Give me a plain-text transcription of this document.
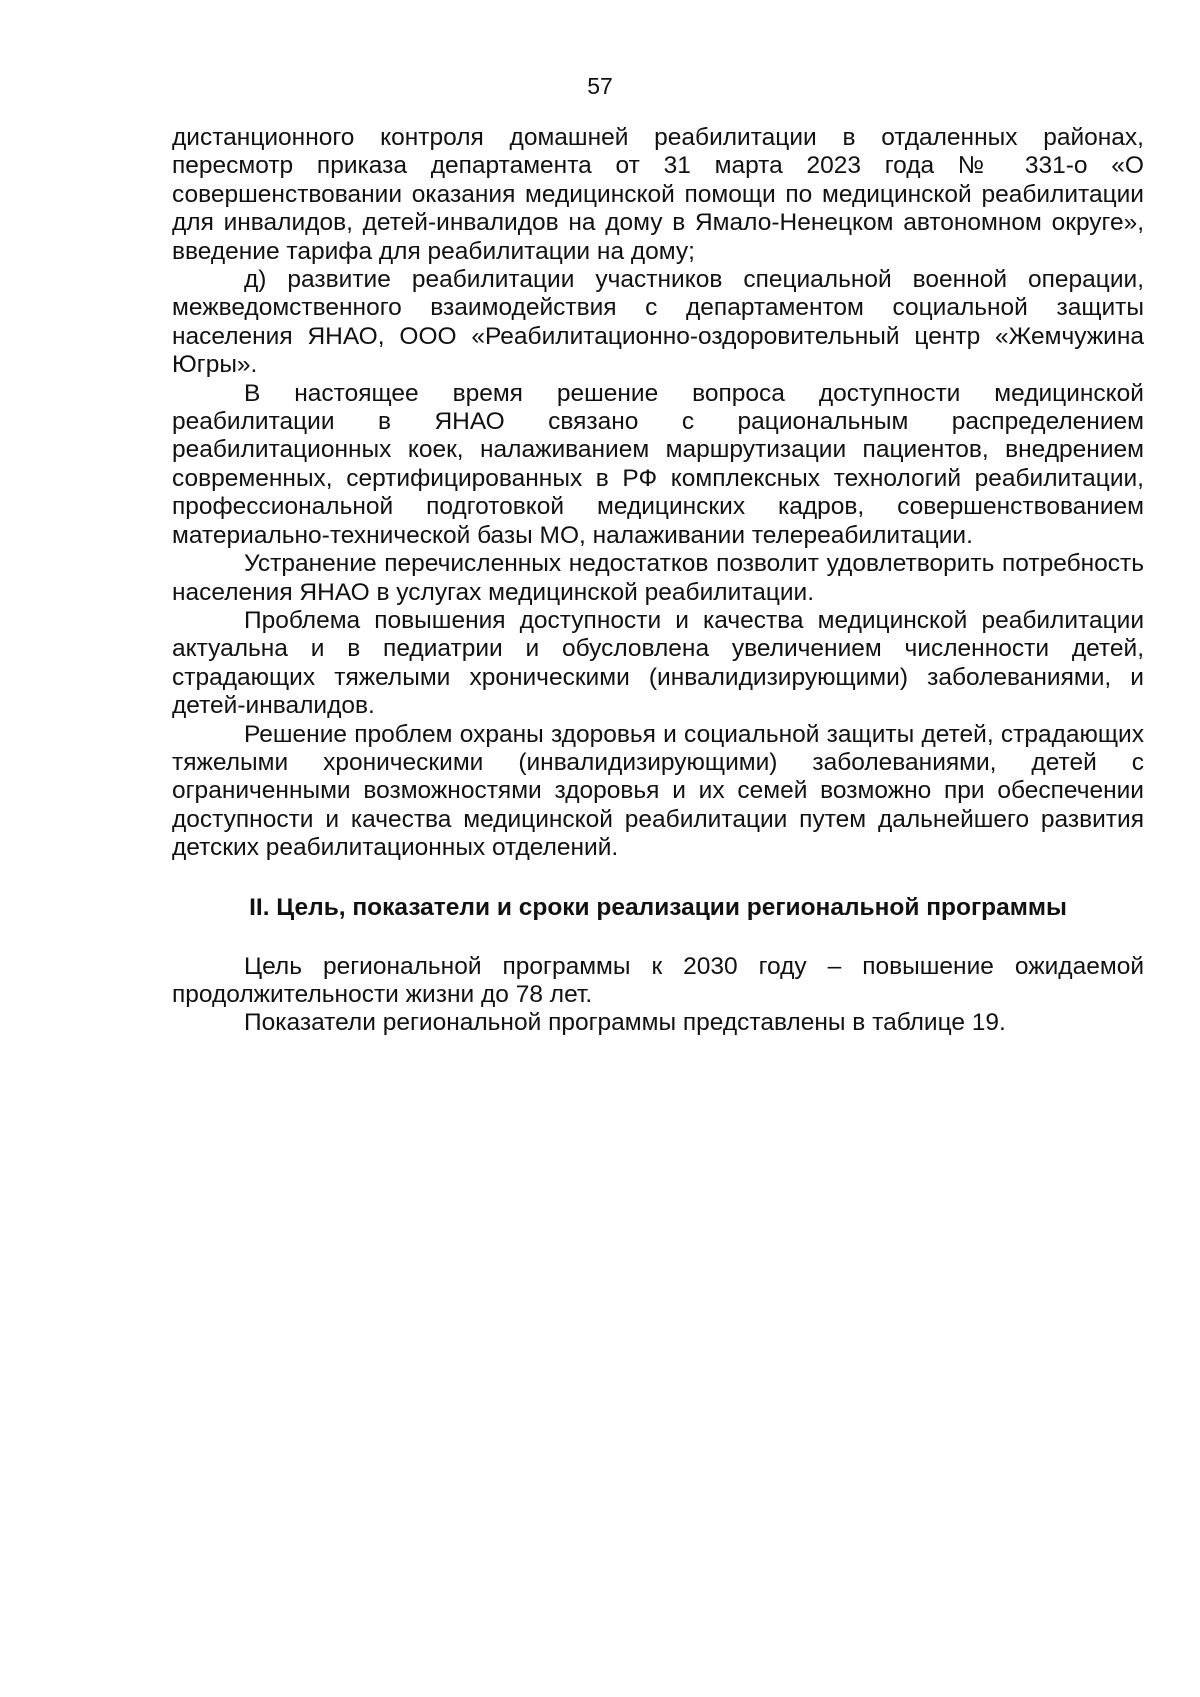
57

дистанционного контроля домашней реабилитации в отдаленных районах, пересмотр приказа департамента от 31 марта 2023 года № 331-о «О совершенствовании оказания медицинской помощи по медицинской реабилитации для инвалидов, детей-инвалидов на дому в Ямало-Ненецком автономном округе», введение тарифа для реабилитации на дому;

д) развитие реабилитации участников специальной военной операции, межведомственного взаимодействия с департаментом социальной защиты населения ЯНАО, ООО «Реабилитационно-оздоровительный центр «Жемчужина Югры».

В настоящее время решение вопроса доступности медицинской реабилитации в ЯНАО связано с рациональным распределением реабилитационных коек, налаживанием маршрутизации пациентов, внедрением современных, сертифицированных в РФ комплексных технологий реабилитации, профессиональной подготовкой медицинских кадров, совершенствованием материально-технической базы МО, налаживании телереабилитации.

Устранение перечисленных недостатков позволит удовлетворить потребность населения ЯНАО в услугах медицинской реабилитации.

Проблема повышения доступности и качества медицинской реабилитации актуальна и в педиатрии и обусловлена увеличением численности детей, страдающих тяжелыми хроническими (инвалидизирующими) заболеваниями, и детей-инвалидов.

Решение проблем охраны здоровья и социальной защиты детей, страдающих тяжелыми хроническими (инвалидизирующими) заболеваниями, детей с ограниченными возможностями здоровья и их семей возможно при обеспечении доступности и качества медицинской реабилитации путем дальнейшего развития детских реабилитационных отделений.

II. Цель, показатели и сроки реализации региональной программы

Цель региональной программы к 2030 году – повышение ожидаемой продолжительности жизни до 78 лет.

Показатели региональной программы представлены в таблице 19.
